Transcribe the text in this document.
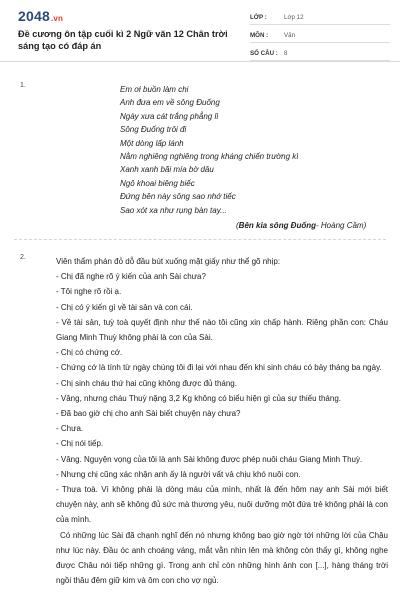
2048.vn
Đề cương ôn tập cuối kì 2 Ngữ văn 12 Chân trời sáng tạo có đáp án
LỚP :	Lớp 12
MÔN :	Văn
SỐ CÂU : 8
1.	Em ơi buồn làm chi
Anh đưa em về sông Đuống
Ngày xưa cát trắng phẳng lì
Sông Đuống trôi đi
Một dòng lấp lánh
Nằm nghiêng nghiêng trong kháng chiến trường kì
Xanh xanh bãi mía bờ dâu
Ngô khoai biêng biếc
Đứng bên này sông sao nhớ tiếc
Sao xót xa như rụng bàn tay...
(Bên kia sông Đuống- Hoàng Cầm)
2.	Viên thẩm phán đỏ dỗ đầu bút xuống mặt giấy như thể gõ nhịp:

- Chị đã nghe rõ ý kiến của anh Sài chưa?

- Tôi nghe rõ rồi ạ.

- Chị có ý kiến gì về tài sản và con cái.

- Về tài sản, tuỳ toà quyết định như thế nào tôi cũng xin chấp hành. Riêng phần con: Cháu Giang Minh Thuỳ không phải là con của Sài.

- Chị có chứng cớ.

- Chứng cớ là tính từ ngày chúng tôi đi lại với nhau đến khi sinh cháu có bảy tháng ba ngày.

- Chị sinh cháu thứ hai cũng không được đủ tháng.

- Vâng, nhưng cháu Thuỳ nặng 3,2 Kg không có biểu hiện gì của sự thiếu tháng.

- Đã bao giờ chị cho anh Sài biết chuyện này chưa?

- Chưa.

- Chị nói tiếp.

- Vâng. Nguyện vọng của tôi là anh Sài không được phép nuôi cháu Giang Minh Thuỳ.

- Nhưng chị cũng xác nhận anh ấy là người vất vả chịu khó nuôi con.

- Thưa toà. Vì không phải là dòng máu của mình, nhất là đến hôm nay anh Sài mới biết chuyện này, anh sẽ không đủ sức mà thương yêu, nuôi dưỡng một đứa trẻ không phải là con của mình.

Có những lúc Sài đã chạnh nghĩ đến nó nhưng không bao giờ ngờ tới những lời của Châu như lúc này. Đầu óc anh choáng váng, mắt vằn nhìn lên mà không còn thấy gì, không nghe được Châu nói tiếp những gì. Trong anh chỉ còn những hình ảnh con [...], hàng tháng trời ngồi thâu đêm giữ kim và ôm con cho vợ ngủ.
